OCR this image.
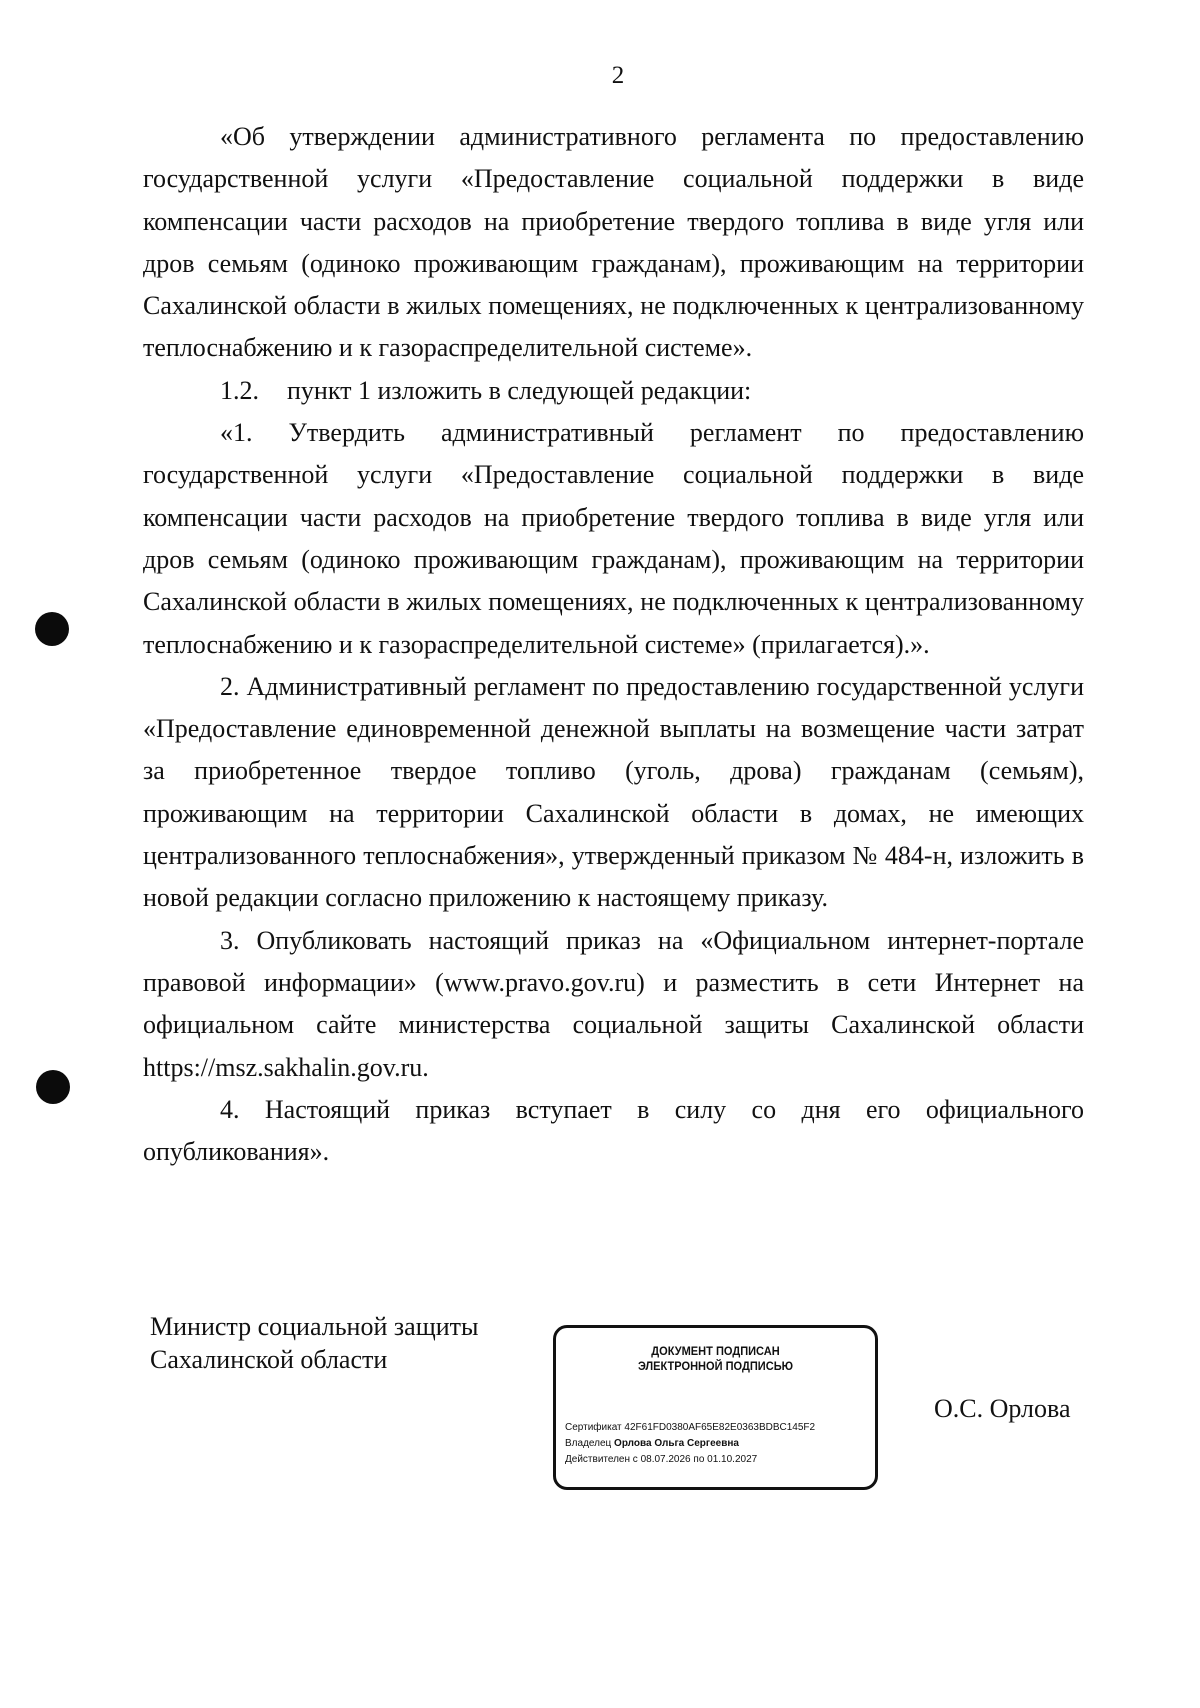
2

«Об утверждении административного регламента по предоставлению государственной услуги «Предоставление социальной поддержки в виде компенсации части расходов на приобретение твердого топлива в виде угля или дров семьям (одиноко проживающим гражданам), проживающим на территории Сахалинской области в жилых помещениях, не подключенных к централизованному теплоснабжению и к газораспределительной системе».

1.2. пункт 1 изложить в следующей редакции:

«1. Утвердить административный регламент по предоставлению государственной услуги «Предоставление социальной поддержки в виде компенсации части расходов на приобретение твердого топлива в виде угля или дров семьям (одиноко проживающим гражданам), проживающим на территории Сахалинской области в жилых помещениях, не подключенных к централизованному теплоснабжению и к газораспределительной системе» (прилагается).».

2. Административный регламент по предоставлению государственной услуги «Предоставление единовременной денежной выплаты на возмещение части затрат за приобретенное твердое топливо (уголь, дрова) гражданам (семьям), проживающим на территории Сахалинской области в домах, не имеющих централизованного теплоснабжения», утвержденный приказом № 484-н, изложить в новой редакции согласно приложению к настоящему приказу.

3. Опубликовать настоящий приказ на «Официальном интернет-портале правовой информации» (www.pravo.gov.ru) и разместить в сети Интернет на официальном сайте министерства социальной защиты Сахалинской области https://msz.sakhalin.gov.ru.

4. Настоящий приказ вступает в силу со дня его официального опубликования».

Министр социальной защиты
Сахалинской области	ДОКУМЕНТ ПОДПИСАН
ЭЛЕКТРОННОЙ ПОДПИСЬЮ
Сертификат 42F61FD0380AF65E82E0363BDBC145F2
Владелец Орлова Ольга Сергеевна
Действителен с 08.07.2026 по 01.10.2027
О.С. Орлова
